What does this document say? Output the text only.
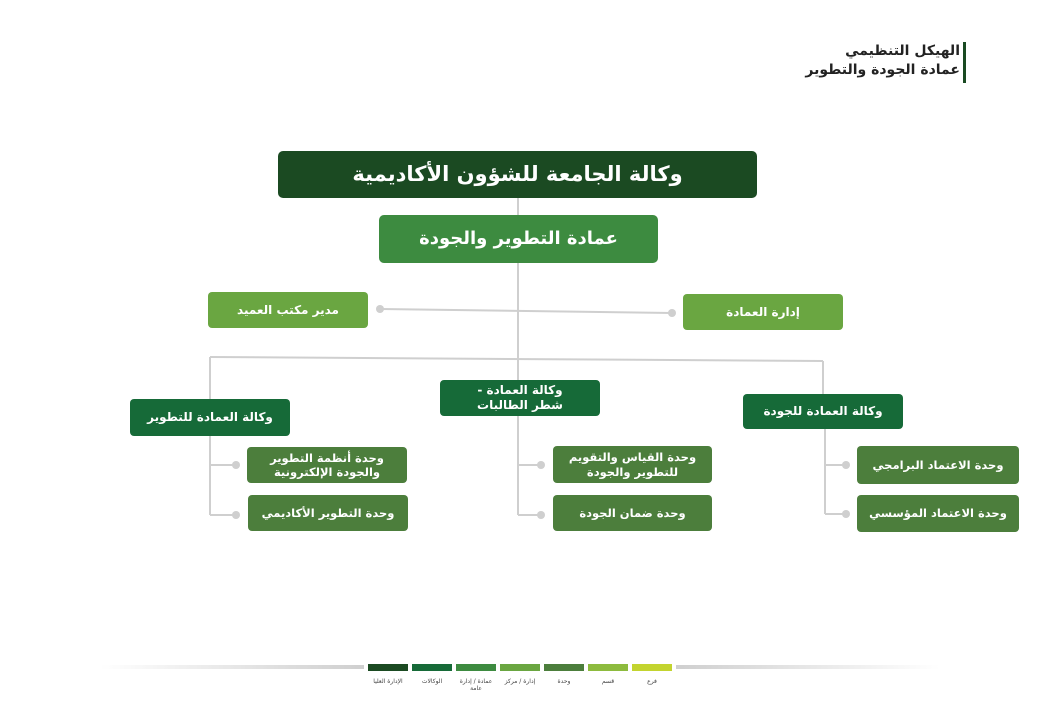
الهيكل التنظيمي
عمادة الجودة والتطوير
وكالة الجامعة للشؤون الأكاديمية
عمادة التطوير والجودة
مدير مكتب العميد	إدارة العمادة
وكالة العمادة للتطوير
وكالة العمادة -
شطر الطالبات	وكالة العمادة للجودة
وحدة أنظمة التطوير
والجودة الإلكترونية
وحدة التطوير الأكاديمي
وحدة القياس والتقويم
للتطوير والجودة
وحدة ضمان الجودة
وحدة الاعتماد البرامجي
وحدة الاعتماد المؤسسي
الإدارة العليا	الوكالات	عمادة / إدارة عامة
إدارة / مركز	وحدة	قسم	فرع
